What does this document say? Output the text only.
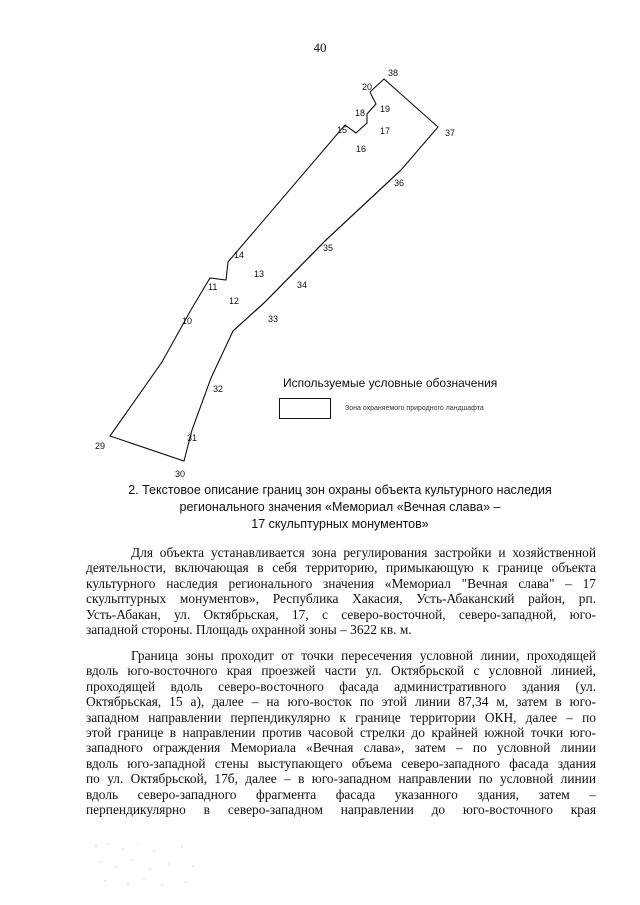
40
38
20
19
18
15	17
16
37
36
35
14
13
11
12
34
10	33
32
31
29
30
Используемые условные обозначения
Зона охраняемого природного ландшафта
2. Текстовое описание границ зон охраны объекта культурного наследия
регионального значения «Мемориал «Вечная слава» –
17 скульптурных монументов»
Для объекта устанавливается зона регулирования застройки и хозяйственной
деятельности, включающая в себя территорию, примыкающую к границе объекта
культурного наследия регионального значения «Мемориал "Вечная слава" – 17
скульптурных монументов», Республика Хакасия, Усть-Абаканский район, рп.
Усть-Абакан, ул. Октябрьская, 17, с северо-восточной, северо-западной, юго-
западной стороны. Площадь охранной зоны – 3622 кв. м.
Граница зоны проходит от точки пересечения условной линии, проходящей
вдоль юго-восточного края проезжей части ул. Октябрьской с условной линией,
проходящей вдоль северо-восточного фасада административного здания (ул.
Октябрьская, 15 а), далее – на юго-восток по этой линии 87,34 м, затем в юго-
западном направлении перпендикулярно к границе территории ОКН, далее – по
этой границе в направлении против часовой стрелки до крайней южной точки юго-
западного ограждения Мемориала «Вечная слава», затем – по условной линии
вдоль юго-западной стены выступающего объема северо-западного фасада здания
по ул. Октябрьской, 17б, далее – в юго-западном направлении по условной линии
вдоль северо-западного фрагмента фасада указанного здания, затем –
перпендикулярно в северо-западном направлении до юго-восточного края
